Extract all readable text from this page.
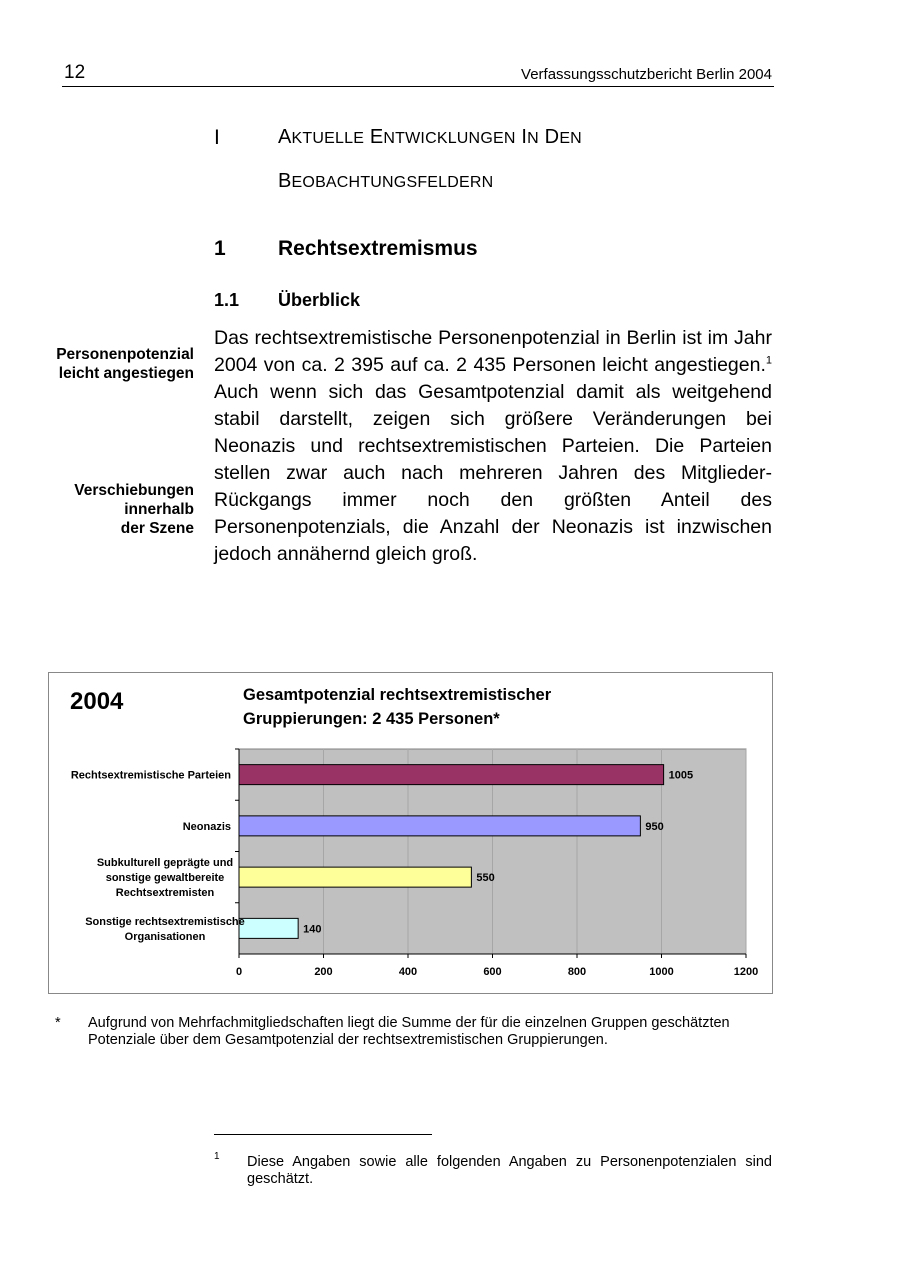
12	Verfassungsschutzbericht Berlin 2004
I	AKTUELLE ENTWICKLUNGEN IN DEN
BEOBACHTUNGSFELDERN
1 Rechtsextremismus
1.1 Überblick
Personenpotenzial
leicht angestiegen
Verschiebungen
innerhalb
der Szene
Das rechtsextremistische Personenpotenzial in Berlin ist im Jahr 2004 von ca. 2 395 auf ca. 2 435 Personen leicht angestiegen.$^1$ Auch wenn sich das Gesamtpotenzial damit als weitgehend stabil darstellt, zeigen sich größere Veränderungen bei Neonazis und rechtsextremistischen Parteien. Die Parteien stellen zwar auch nach mehreren Jahren des Mitglieder-Rückgangs immer noch den größten Anteil des Personenpotenzials, die Anzahl der Neonazis ist inzwischen jedoch annähernd gleich groß.
2004	Gesamtpotenzial rechtsextremistischer
Gruppierungen: 2 435 Personen*
0	200	400	600	800	1000	1200
1005
Rechtsextremistische Parteien
950
Neonazis
550
Subkulturell geprägte und
sonstige gewaltbereite
Rechtsextremisten
140
Sonstige rechtsextremistische
Organisationen
* Aufgrund von Mehrfachmitgliedschaften liegt die Summe der für die einzelnen Gruppen geschätzten Potenziale über dem Gesamtpotenzial der rechtsextremistischen Gruppierungen.
1 Diese Angaben sowie alle folgenden Angaben zu Personenpotenzialen sind geschätzt.
